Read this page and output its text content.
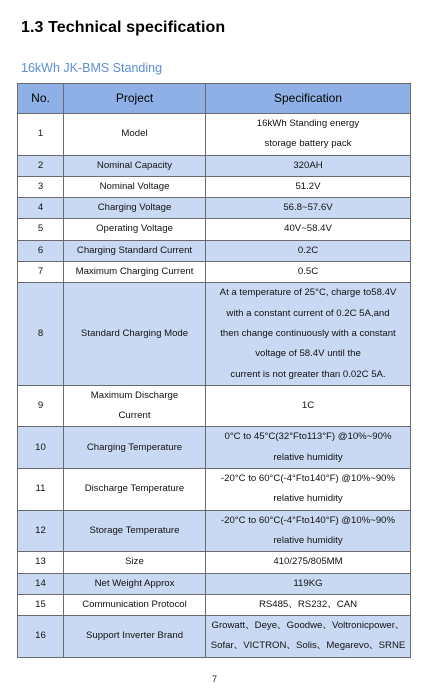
1.3 Technical specification
16kWh JK-BMS Standing
No.	Project	Specification
1	Model	16kWh Standing energy
storage battery pack

2	Nominal Capacity	320AH

3	Nominal Voltage	51.2V

4	Charging Voltage	56.8~57.6V

5	Operating Voltage	40V~58.4V

6	Charging Standard Current	0.2C

7	Maximum Charging Current	0.5C

8	Standard Charging Mode	At a temperature of 25°C, charge to58.4V
with a constant current of 0.2C 5A,and
then change continuously with a constant
voltage of 58.4V until the
current is not greater than 0.02C 5A.

9	Maximum Discharge
Current	1C

10	Charging Temperature	0°C to 45°C(32°Fto113°F) @10%~90%
relative humidity

11	Discharge Temperature	-20°C to 60°C(-4°Fto140°F) @10%~90%
relative humidity

12	Storage Temperature	-20°C to 60°C(-4°Fto140°F) @10%~90%
relative humidity

13	Size	410/275/805MM

14	Net Weight Approx	119KG

15	Communication Protocol	RS485、RS232、CAN

16	Support Inverter Brand	Growatt、Deye、Goodwe、Voltronicpower、
Sofar、VICTRON、Solis、Megarevo、SRNE
7
